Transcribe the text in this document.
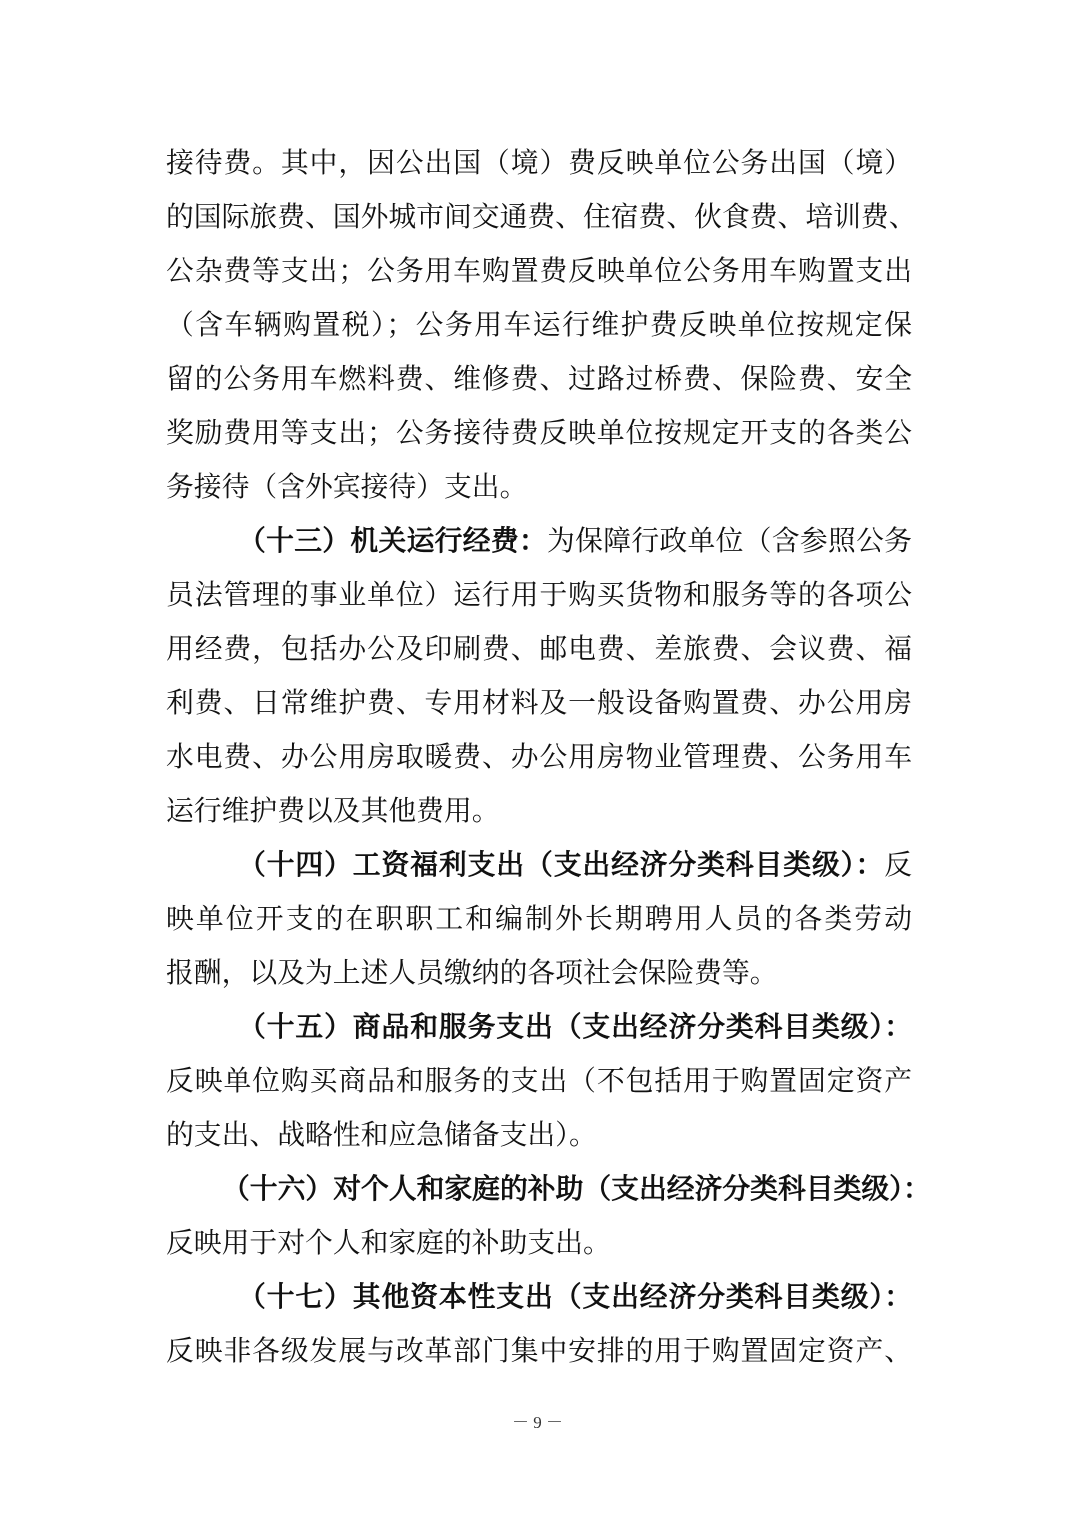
接待费。其中，因公出国（境）费反映单位公务出国（境）
的国际旅费、国外城市间交通费、住宿费、伙食费、培训费、
公杂费等支出；公务用车购置费反映单位公务用车购置支出
（含车辆购置税）；公务用车运行维护费反映单位按规定保
留的公务用车燃料费、维修费、过路过桥费、保险费、安全
奖励费用等支出；公务接待费反映单位按规定开支的各类公
务接待（含外宾接待）支出。
（十三）机关运行经费：为保障行政单位（含参照公务
员法管理的事业单位）运行用于购买货物和服务等的各项公
用经费，包括办公及印刷费、邮电费、差旅费、会议费、福
利费、日常维护费、专用材料及一般设备购置费、办公用房
水电费、办公用房取暖费、办公用房物业管理费、公务用车
运行维护费以及其他费用。
（十四）工资福利支出（支出经济分类科目类级）：反
映单位开支的在职职工和编制外长期聘用人员的各类劳动
报酬，以及为上述人员缴纳的各项社会保险费等。
（十五）商品和服务支出（支出经济分类科目类级）：
反映单位购买商品和服务的支出（不包括用于购置固定资产
的支出、战略性和应急储备支出）。
（十六）对个人和家庭的补助（支出经济分类科目类级）：
反映用于对个人和家庭的补助支出。
（十七）其他资本性支出（支出经济分类科目类级）：
反映非各级发展与改革部门集中安排的用于购置固定资产、
－ 9 －
